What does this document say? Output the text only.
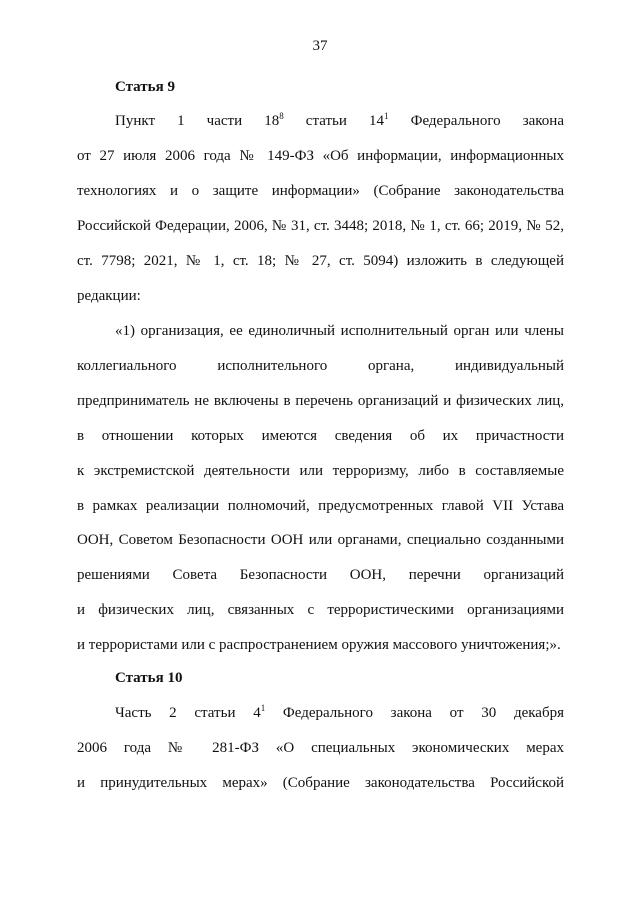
37
Статья 9
Пункт 1 части $18^8$ статьи $14^1$ Федерального закона
от 27 июля 2006 года № 149-ФЗ «Об информации, информационных
технологиях и о защите информации» (Собрание законодательства
Российской Федерации, 2006, № 31, ст. 3448; 2018, № 1, ст. 66; 2019, № 52,
ст. 7798; 2021, № 1, ст. 18; № 27, ст. 5094) изложить в следующей
редакции:
«1) организация, ее единоличный исполнительный орган или члены
коллегиального исполнительного органа, индивидуальный
предприниматель не включены в перечень организаций и физических лиц,
в отношении которых имеются сведения об их причастности
к экстремистской деятельности или терроризму, либо в составляемые
в рамках реализации полномочий, предусмотренных главой VII Устава
ООН, Советом Безопасности ООН или органами, специально созданными
решениями Совета Безопасности ООН, перечни организаций
и физических лиц, связанных с террористическими организациями
и террористами или с распространением оружия массового уничтожения;».
Статья 10
Часть 2 статьи $4^1$ Федерального закона от 30 декабря
2006 года № 281-ФЗ «О специальных экономических мерах
и принудительных мерах» (Собрание законодательства Российской
